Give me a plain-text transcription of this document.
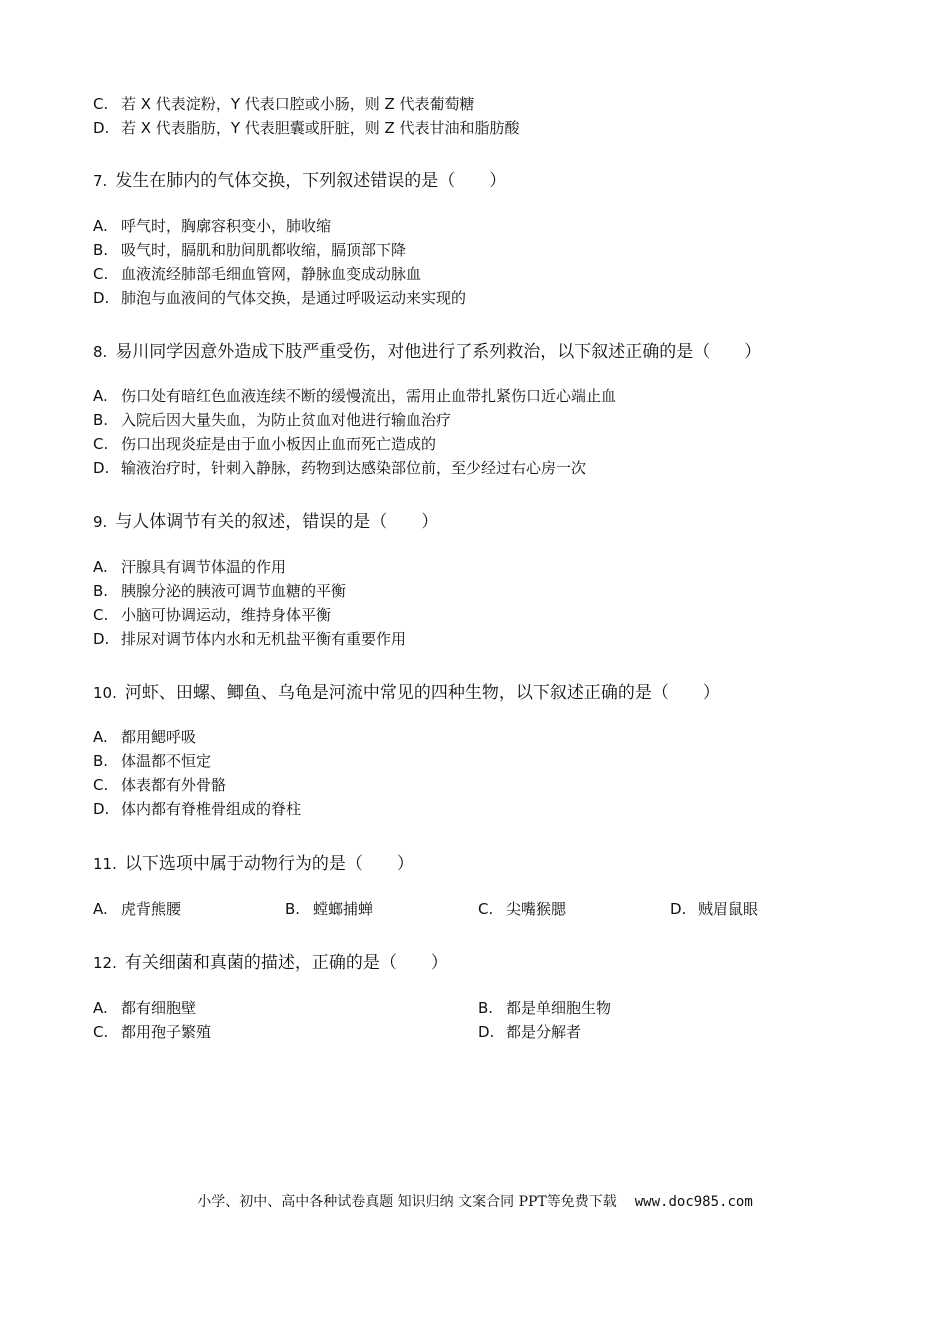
C. 若 X 代表淀粉，Y 代表口腔或小肠，则 Z 代表葡萄糖
D. 若 X 代表脂肪，Y 代表胆囊或肝脏，则 Z 代表甘油和脂肪酸
7. 发生在肺内的气体交换，下列叙述错误的是（　　）
A. 呼气时，胸廓容积变小，肺收缩
B. 吸气时，膈肌和肋间肌都收缩，膈顶部下降
C. 血液流经肺部毛细血管网，静脉血变成动脉血
D. 肺泡与血液间的气体交换，是通过呼吸运动来实现的
8. 易川同学因意外造成下肢严重受伤，对他进行了系列救治，以下叙述正确的是（　　）
A. 伤口处有暗红色血液连续不断的缓慢流出，需用止血带扎紧伤口近心端止血
B. 入院后因大量失血，为防止贫血对他进行输血治疗
C. 伤口出现炎症是由于血小板因止血而死亡造成的
D. 输液治疗时，针刺入静脉，药物到达感染部位前，至少经过右心房一次
9. 与人体调节有关的叙述，错误的是（　　）
A. 汗腺具有调节体温的作用
B. 胰腺分泌的胰液可调节血糖的平衡
C. 小脑可协调运动，维持身体平衡
D. 排尿对调节体内水和无机盐平衡有重要作用
10. 河虾、田螺、鲫鱼、乌龟是河流中常见的四种生物，以下叙述正确的是（　　）
A. 都用鳃呼吸
B. 体温都不恒定
C. 体表都有外骨骼
D. 体内都有脊椎骨组成的脊柱
11. 以下选项中属于动物行为的是（　　）
A. 虎背熊腰	B. 螳螂捕蝉	C. 尖嘴猴腮	D. 贼眉鼠眼
12. 有关细菌和真菌的描述，正确的是（　　）
A. 都有细胞壁	B. 都是单细胞生物
C. 都用孢子繁殖	D. 都是分解者
小学、初中、高中各种试卷真题 知识归纳 文案合同 PPT等免费下载 www.doc985.com
